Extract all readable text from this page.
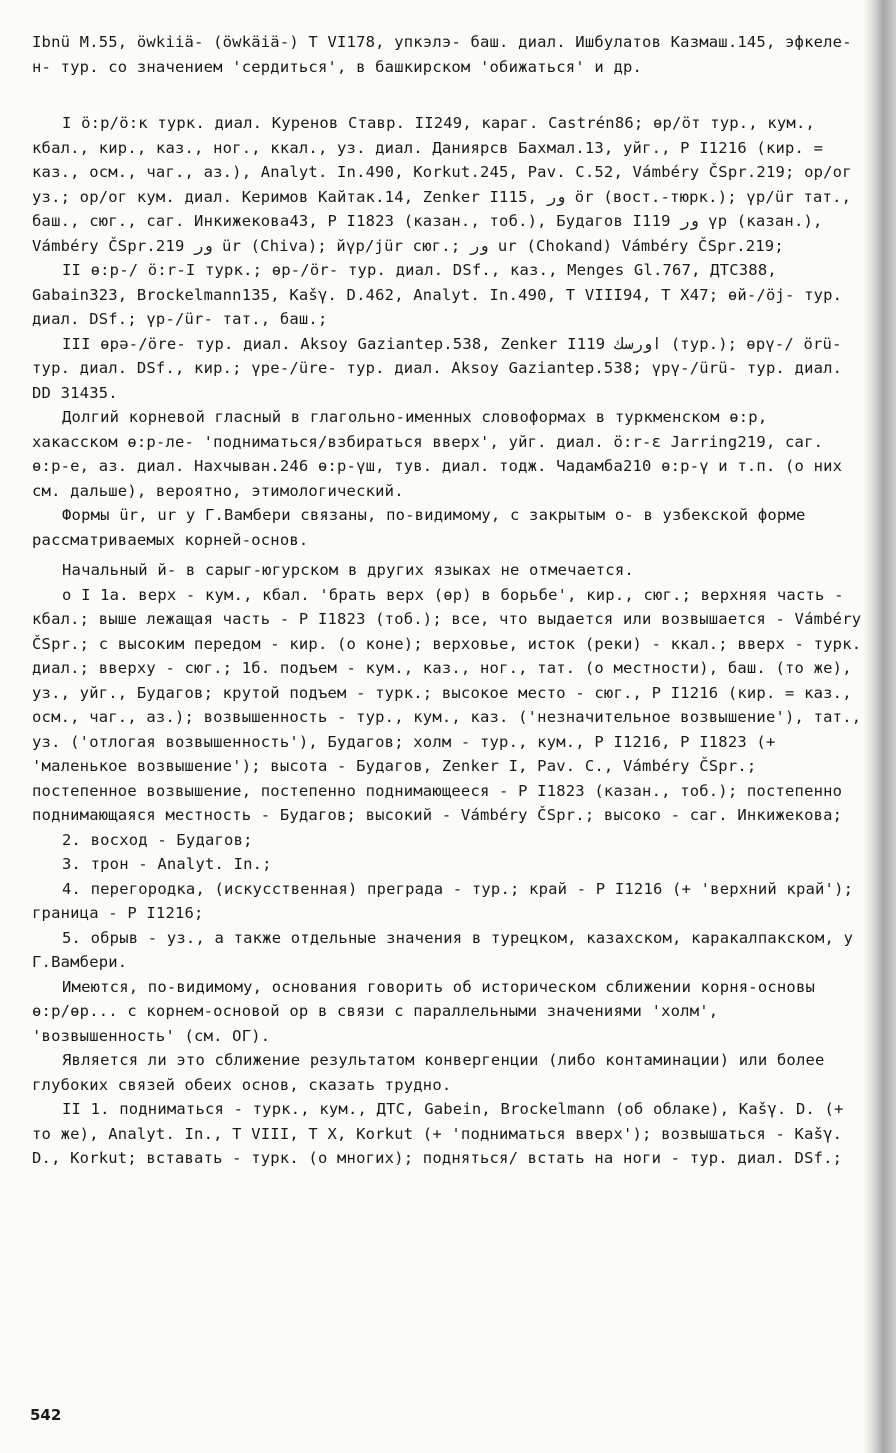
Ibnü M.55, öwkiiä- (öwkäiä-) T VI178, упкэлэ- баш. диал. Ишбулатов Казмаш.145, эфкеле-н- тур. со значением 'сердиться', в башкирском 'обижаться' и др.

I ö:р/ö:к турк. диал. Куренов Ставр. II249, караг. Castrén86; өр/öт тур., кум., кбал., кир., каз., ног., ккал., уз. диал. Даниярсв Бахмал.13, уйг., Р I1216 (кир. = каз., осм., чаг., аз.), Analyt. In.490, Korkut.245, Pav. C.52, Vámbéry ČSpr.219; ор/ог уз.; ор/ог кум. диал. Керимов Кайтак.14, Zenker I115, ور ör (вост.-тюрк.); үр/ür тат., баш., сюг., саг. Инкижекова43, Р I1823 (казан., тоб.), Будагов I119 ور үр (казан.), Vámbéry ČSpr.219 ور ür (Chiva); йүр/jür сюг.; ور ur (Chokand) Vámbéry ČSpr.219;

II ө:р-/ ö:r-I турк.; өр-/ör- тур. диал. DSf., каз., Menges Gl.767, ДТС388, Gabain323, Brockelmann135, Kašγ. D.462, Analyt. In.490, T VIII94, T X47; өй-/öj- тур. диал. DSf.; үр-/ür- тат., баш.;

III өрə-/öre- тур. диал. Aksoy Gaziantep.538, Zenker I119 اورسك (тур.); өрү-/ örü- тур. диал. DSf., кир.; үре-/üre- тур. диал. Aksoy Gaziantep.538; үрү-/ürü- тур. диал. DD 31435.

Долгий корневой гласный в глагольно-именных словоформах в туркменском ө:р, хакасском ө:р-ле- 'подниматься/взбираться вверх', уйг. диал. ö:r-ε Jarring219, саг. ө:р-е, аз. диал. Нахчыван.246 ө:р-үш, тув. диал. тодж. Чадамба210 ө:р-ү и т.п. (о них см. дальше), вероятно, этимологический.

Формы ür, ur у Г.Вамбери связаны, по-видимому, с закрытым о- в узбекской форме рассматриваемых корней-основ.

Начальный й- в сарыг-югурском в других языках не отмечается.

о I 1а. верх - кум., кбал. 'брать верх (өр) в борьбе', кир., сюг.; верхняя часть - кбал.; выше лежащая часть - Р I1823 (тоб.); все, что выдается или возвышается - Vámbéry ČSpr.; с высоким передом - кир. (о коне); верховье, исток (реки) - ккал.; вверх - турк. диал.; вверху - сюг.; 1б. подъем - кум., каз., ног., тат. (о местности), баш. (то же), уз., уйг., Будагов; крутой подъем - турк.; высокое место - сюг., Р I1216 (кир. = каз., осм., чаг., аз.); возвышенность - тур., кум., каз. ('незначительное возвышение'), тат., уз. ('отлогая возвышенность'), Будагов; холм - тур., кум., Р I1216, Р I1823 (+ 'маленькое возвышение'); высота - Будагов, Zenker I, Pav. C., Vámbéry ČSpr.; постепенное возвышение, постепенно поднимающееся - Р I1823 (казан., тоб.); постепенно поднимающаяся местность - Будагов; высокий - Vámbéry ČSpr.; высоко - саг. Инкижекова;

2. восход - Будагов;

3. трон - Analyt. In.;

4. перегородка, (искусственная) преграда - тур.; край - Р I1216 (+ 'верхний край'); граница - Р I1216;

5. обрыв - уз., а также отдельные значения в турецком, казахском, каракалпакском, у Г.Вамбери.

Имеются, по-видимому, основания говорить об историческом сближении корня-основы ө:р/өр... с корнем-основой ор в связи с параллельными значениями 'холм', 'возвышенность' (см. ОГ).

Является ли это сближение результатом конвергенции (либо контаминации) или более глубоких связей обеих основ, сказать трудно.

II 1. подниматься - турк., кум., ДТС, Gabein, Brockelmann (об облаке), Kašγ. D. (+ то же), Analyt. In., T VIII, T X, Korkut (+ 'подниматься вверх'); возвышаться - Kašγ. D., Korkut; вставать - турк. (о многих); подняться/ встать на ноги - тур. диал. DSf.;

542
